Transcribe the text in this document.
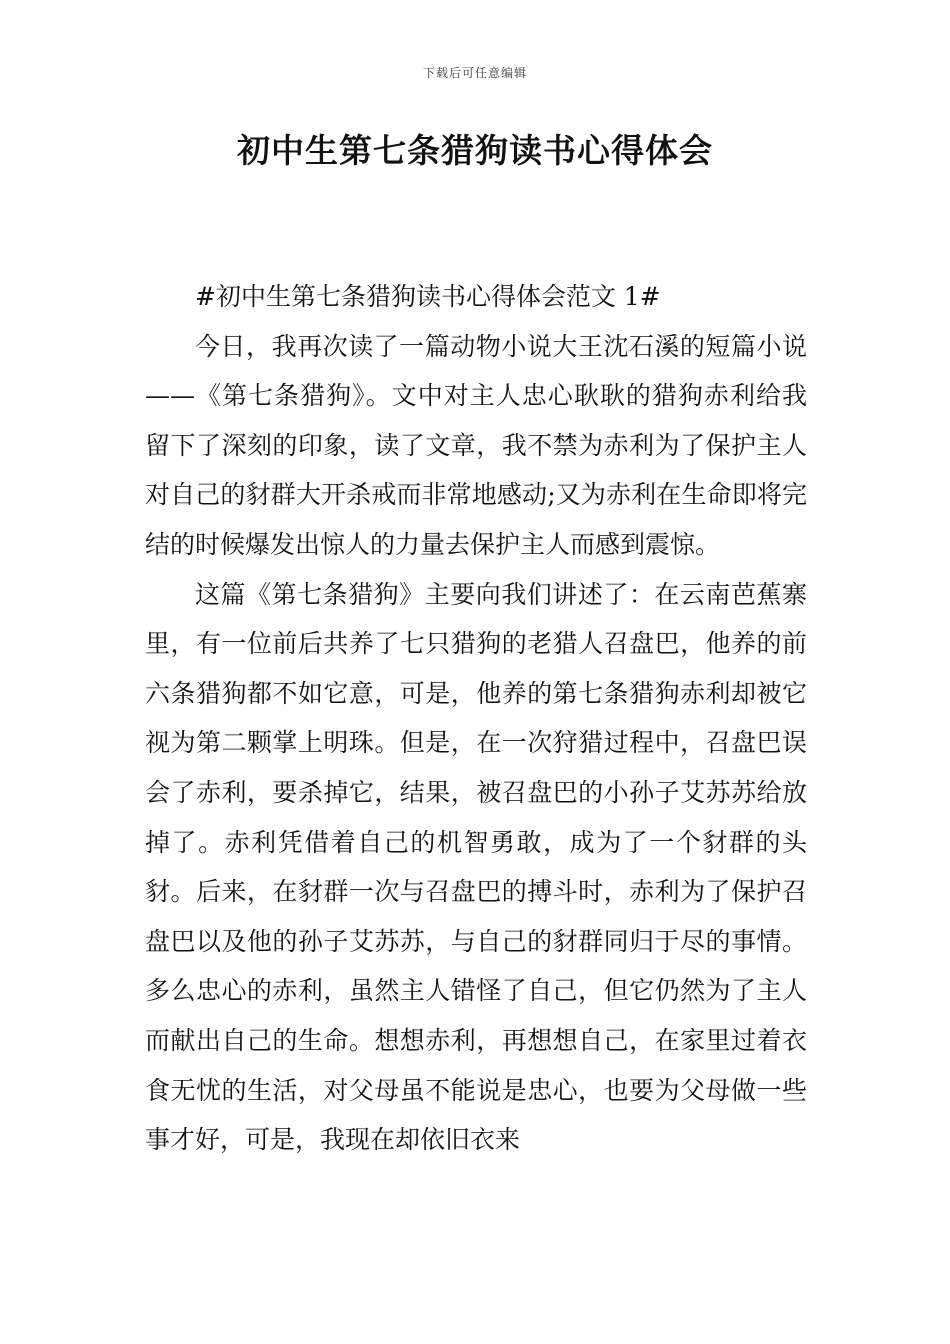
下载后可任意编辑
初中生第七条猎狗读书心得体会

#初中生第七条猎狗读书心得体会范文 1#

今日，我再次读了一篇动物小说大王沈石溪的短篇小说——《第七条猎狗》。文中对主人忠心耿耿的猎狗赤利给我留下了深刻的印象，读了文章，我不禁为赤利为了保护主人对自己的豺群大开杀戒而非常地感动;又为赤利在生命即将完结的时候爆发出惊人的力量去保护主人而感到震惊。

这篇《第七条猎狗》主要向我们讲述了：在云南芭蕉寨里，有一位前后共养了七只猎狗的老猎人召盘巴，他养的前六条猎狗都不如它意，可是，他养的第七条猎狗赤利却被它视为第二颗掌上明珠。但是，在一次狩猎过程中，召盘巴误会了赤利，要杀掉它，结果，被召盘巴的小孙子艾苏苏给放掉了。赤利凭借着自己的机智勇敢，成为了一个豺群的头豺。后来，在豺群一次与召盘巴的搏斗时，赤利为了保护召盘巴以及他的孙子艾苏苏，与自己的豺群同归于尽的事情。多么忠心的赤利，虽然主人错怪了自己，但它仍然为了主人而献出自己的生命。想想赤利，再想想自己，在家里过着衣食无忧的生活，对父母虽不能说是忠心，也要为父母做一些事才好，可是，我现在却依旧衣来
